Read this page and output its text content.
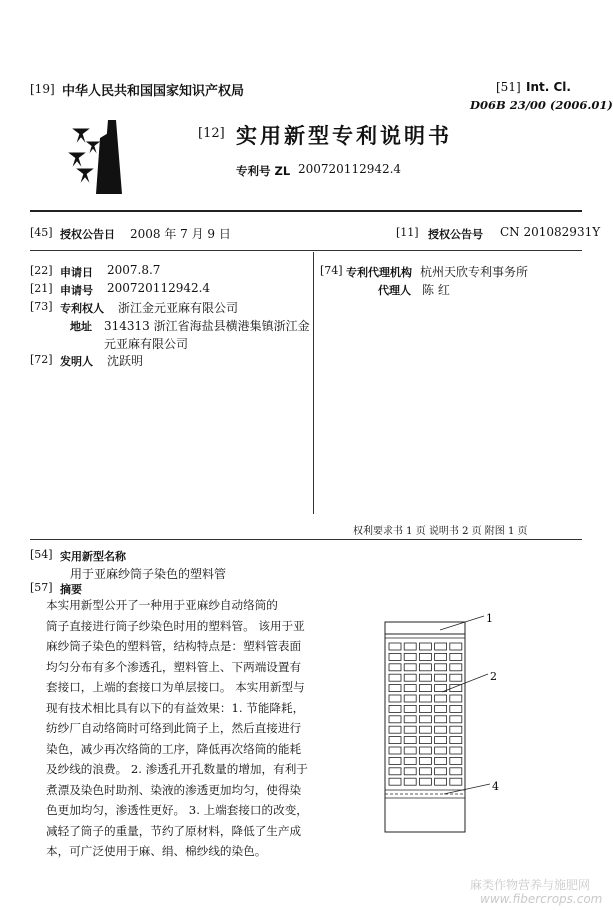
[19] 中华人民共和国国家知识产权局	[51] Int. Cl.
D06B 23/00 (2006.01)
[12] 实用新型专利说明书
专利号 ZL 200720112942.4
[45] 授权公告日 2008 年 7 月 9 日	[11] 授权公告号 CN 201082931Y
[22] 申请日 2007.8.7
[21] 申请号 200720112942.4
[73] 专利权人 浙江金元亚麻有限公司
地址 314313 浙江省海盐县横港集镇浙江金
元亚麻有限公司
[72] 发明人 沈跃明
[74] 专利代理机构 杭州天欣专利事务所
代理人 陈 红
权利要求书 1 页 说明书 2 页 附图 1 页
[54] 实用新型名称
用于亚麻纱筒子染色的塑料管
[57] 摘要

本实用新型公开了一种用于亚麻纱自动络筒的

筒子直接进行筒子纱染色时用的塑料管。 该用于亚

麻纱筒子染色的塑料管，结构特点是：塑料管表面

均匀分布有多个渗透孔，塑料管上、下两端设置有

套接口，上端的套接口为单层接口。 本实用新型与

现有技术相比具有以下的有益效果：1. 节能降耗，

纺纱厂自动络筒时可络到此筒子上，然后直接进行

染色，减少再次络筒的工序，降低再次络筒的能耗

及纱线的浪费。 2. 渗透孔开孔数量的增加，有利于

煮漂及染色时助剂、染液的渗透更加均匀，使得染

色更加均匀，渗透性更好。 3. 上端套接口的改变，

减轻了筒子的重量，节约了原材料，降低了生产成

本，可广泛使用于麻、绢、棉纱线的染色。

1
2
4
麻类作物营养与施肥网
www.fibercrops.com
